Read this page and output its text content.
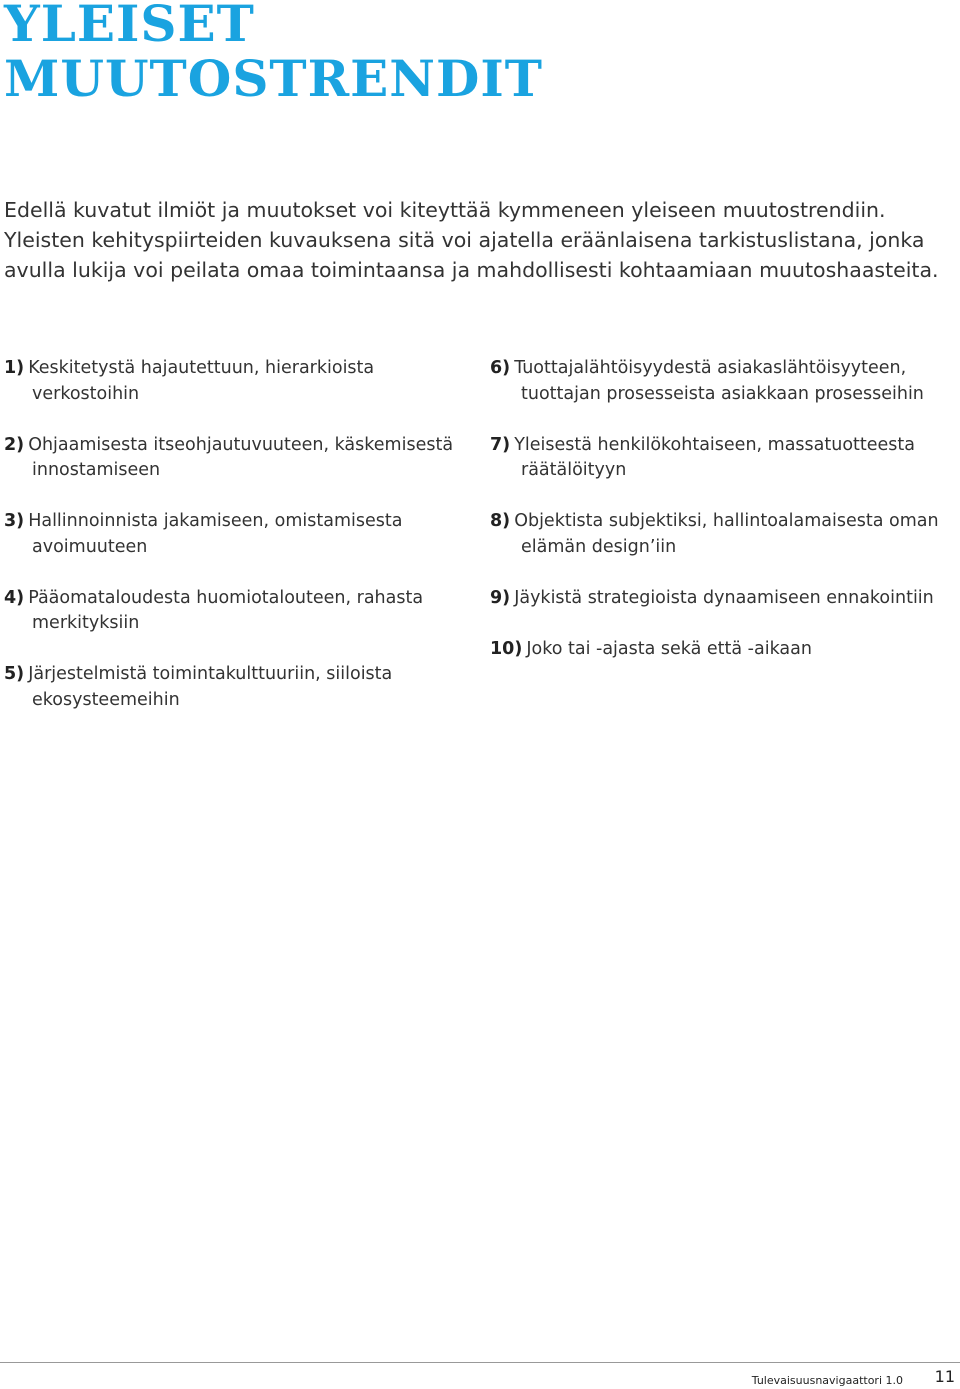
YLEISET
MUUTOSTRENDIT

Edellä kuvatut ilmiöt ja muutokset voi kiteyttää kymmeneen yleiseen muutostrendiin. Yleisten kehityspiirteiden kuvauksena sitä voi ajatella eräänlaisena tarkistuslistana, jonka avulla lukija voi peilata omaa toimintaansa ja mahdollisesti kohtaamiaan muutoshaasteita.

1) Keskitetystä hajautettuun, hierarkioista verkostoihin

2) Ohjaamisesta itseohjautuvuuteen, käskemisestä innostamiseen

3) Hallinnoinnista jakamiseen, omistamisesta avoimuuteen

4) Pääomataloudesta huomiotalouteen, rahasta merkityksiin

5) Järjestelmistä toimintakulttuuriin, siiloista ekosysteemeihin

6) Tuottajalähtöisyydestä asiakaslähtöisyyteen, tuottajan prosesseista asiakkaan prosesseihin

7) Yleisestä henkilökohtaiseen, massatuotteesta räätälöityyn

8) Objektista subjektiksi, hallintoalamaisesta oman elämän design’iin

9) Jäykistä strategioista dynaamiseen ennakointiin

10) Joko tai -ajasta sekä että -aikaan

Tulevaisuusnavigaattori 1.0 11
